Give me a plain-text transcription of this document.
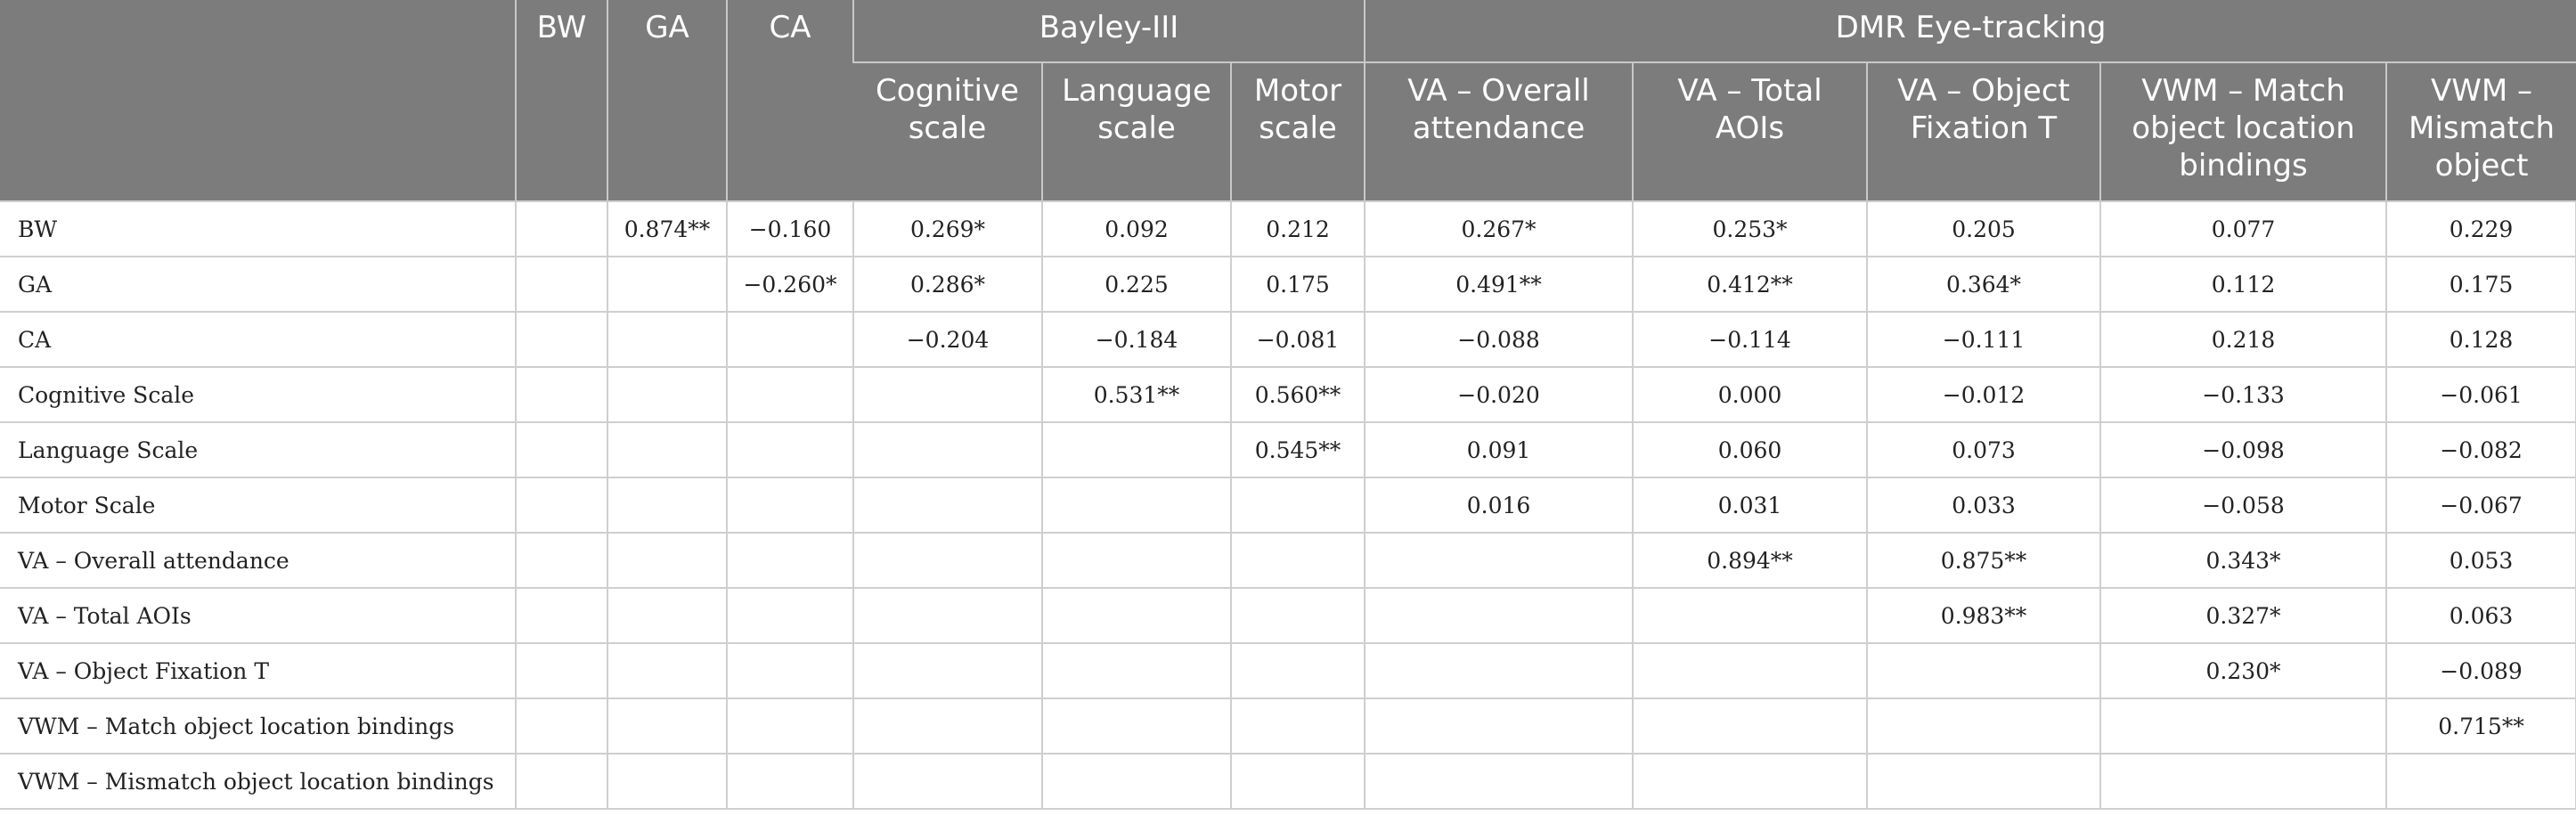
	BW	GA	CA	Bayley-III			DMR Eye-tracking				
				Cognitive scale	Language scale	Motor scale	VA – Overall attendance	VA – Total AOIs	VA – Object Fixation T	VWM – Match object location bindings	VWM – Mismatch object
BW		0.874**	−0.160	0.269*	0.092	0.212	0.267*	0.253*	0.205	0.077	0.229
GA			−0.260*	0.286*	0.225	0.175	0.491**	0.412**	0.364*	0.112	0.175
CA				−0.204	−0.184	−0.081	−0.088	−0.114	−0.111	0.218	0.128
Cognitive Scale					0.531**	0.560**	−0.020	0.000	−0.012	−0.133	−0.061
Language Scale						0.545**	0.091	0.060	0.073	−0.098	−0.082
Motor Scale							0.016	0.031	0.033	−0.058	−0.067
VA – Overall attendance								0.894**	0.875**	0.343*	0.053
VA – Total AOIs									0.983**	0.327*	0.063
VA – Object Fixation T										0.230*	−0.089
VWM – Match object location bindings											0.715**
VWM – Mismatch object location bindings											
